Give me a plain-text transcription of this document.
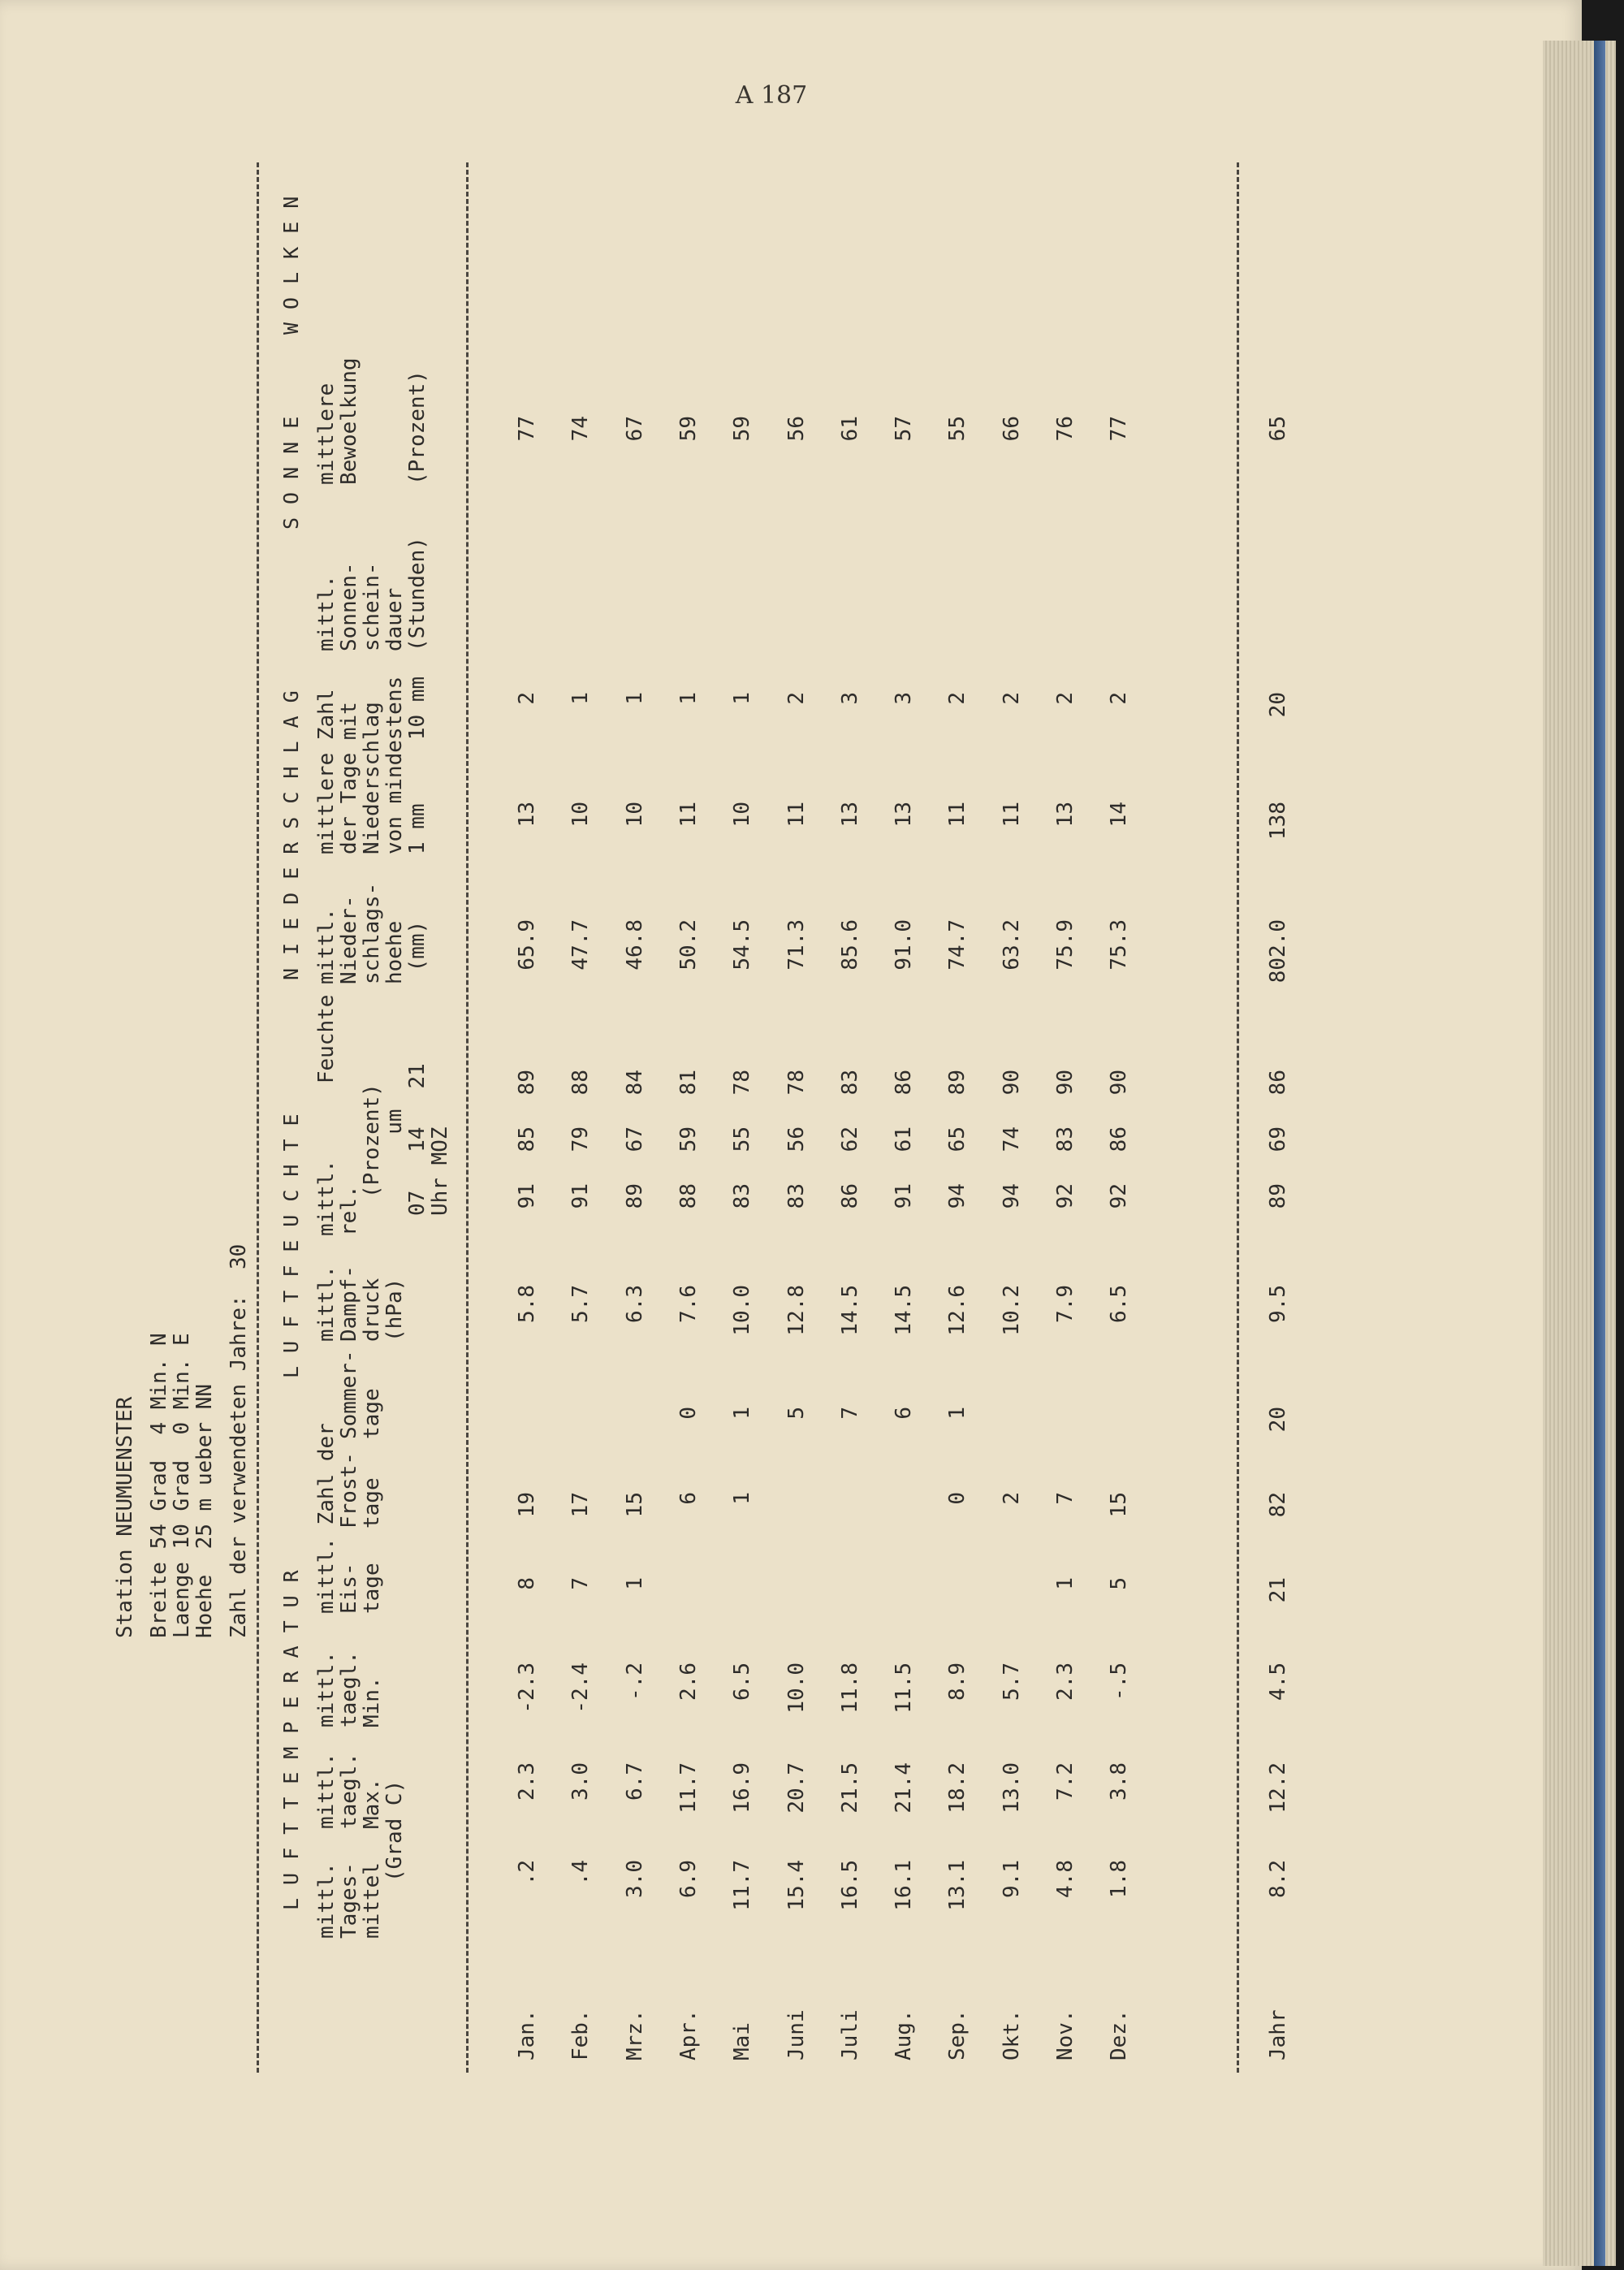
A 187
Station NEUMUENSTER Breite 54 Grad  4 Min. N
Laenge 10 Grad  0 Min. E
Hoehe  25 m ueber NN Zahl der verwendeten Jahre:  30
LUFTTEMPERATUR
LUFTFEUCHTE
NIEDERSCHLAG
SONNE
WOLKEN
mittl.
Tages-
mittel
mittl.
taegl.
Max.
mittl.
taegl.
Min.
(Grad C)
mittl. Zahl der
Eis-
tage
Frost-
tage
Sommer-
tage
mittl.
Dampf-
druck
(hPa)
mittl.      Feuchte
rel.
(Prozent)
um
07   14   21
Uhr MOZ
mittl.
Nieder-
schlags-
hoehe
(mm)
mittlere Zahl
der Tage mit
Niederschlag
von mindestens
1 mm     10 mm
mittl.
Sonnen-
schein-
dauer
(Stunden)
mittlere
Bewoelkung

(Prozent)
Jan.
.2
2.3
-2.3
8
19
5.8
91
85
89
65.9
13
2
77
Feb.
.4
3.0
-2.4
7
17
5.7
91
79
88
47.7
10
1
74
Mrz.
3.0
6.7
-.2
1
15
6.3
89
67
84
46.8
10
1
67
Apr.
6.9
11.7
2.6
6
0
7.6
88
59
81
50.2
11
1
59
Mai
11.7
16.9
6.5
1
1
10.0
83
55
78
54.5
10
1
59
Juni
15.4
20.7
10.0
5
12.8
83
56
78
71.3
11
2
56
Juli
16.5
21.5
11.8
7
14.5
86
62
83
85.6
13
3
61
Aug.
16.1
21.4
11.5
6
14.5
91
61
86
91.0
13
3
57
Sep.
13.1
18.2
8.9
0
1
12.6
94
65
89
74.7
11
2
55
Okt.
9.1
13.0
5.7
2
10.2
94
74
90
63.2
11
2
66
Nov.
4.8
7.2
2.3
1
7
7.9
92
83
90
75.9
13
2
76
Dez.
1.8
3.8
-.5
5
15
6.5
92
86
90
75.3
14
2
77
Jahr
8.2
12.2
4.5
21
82
20
9.5
89
69
86
802.0
138
20
65
